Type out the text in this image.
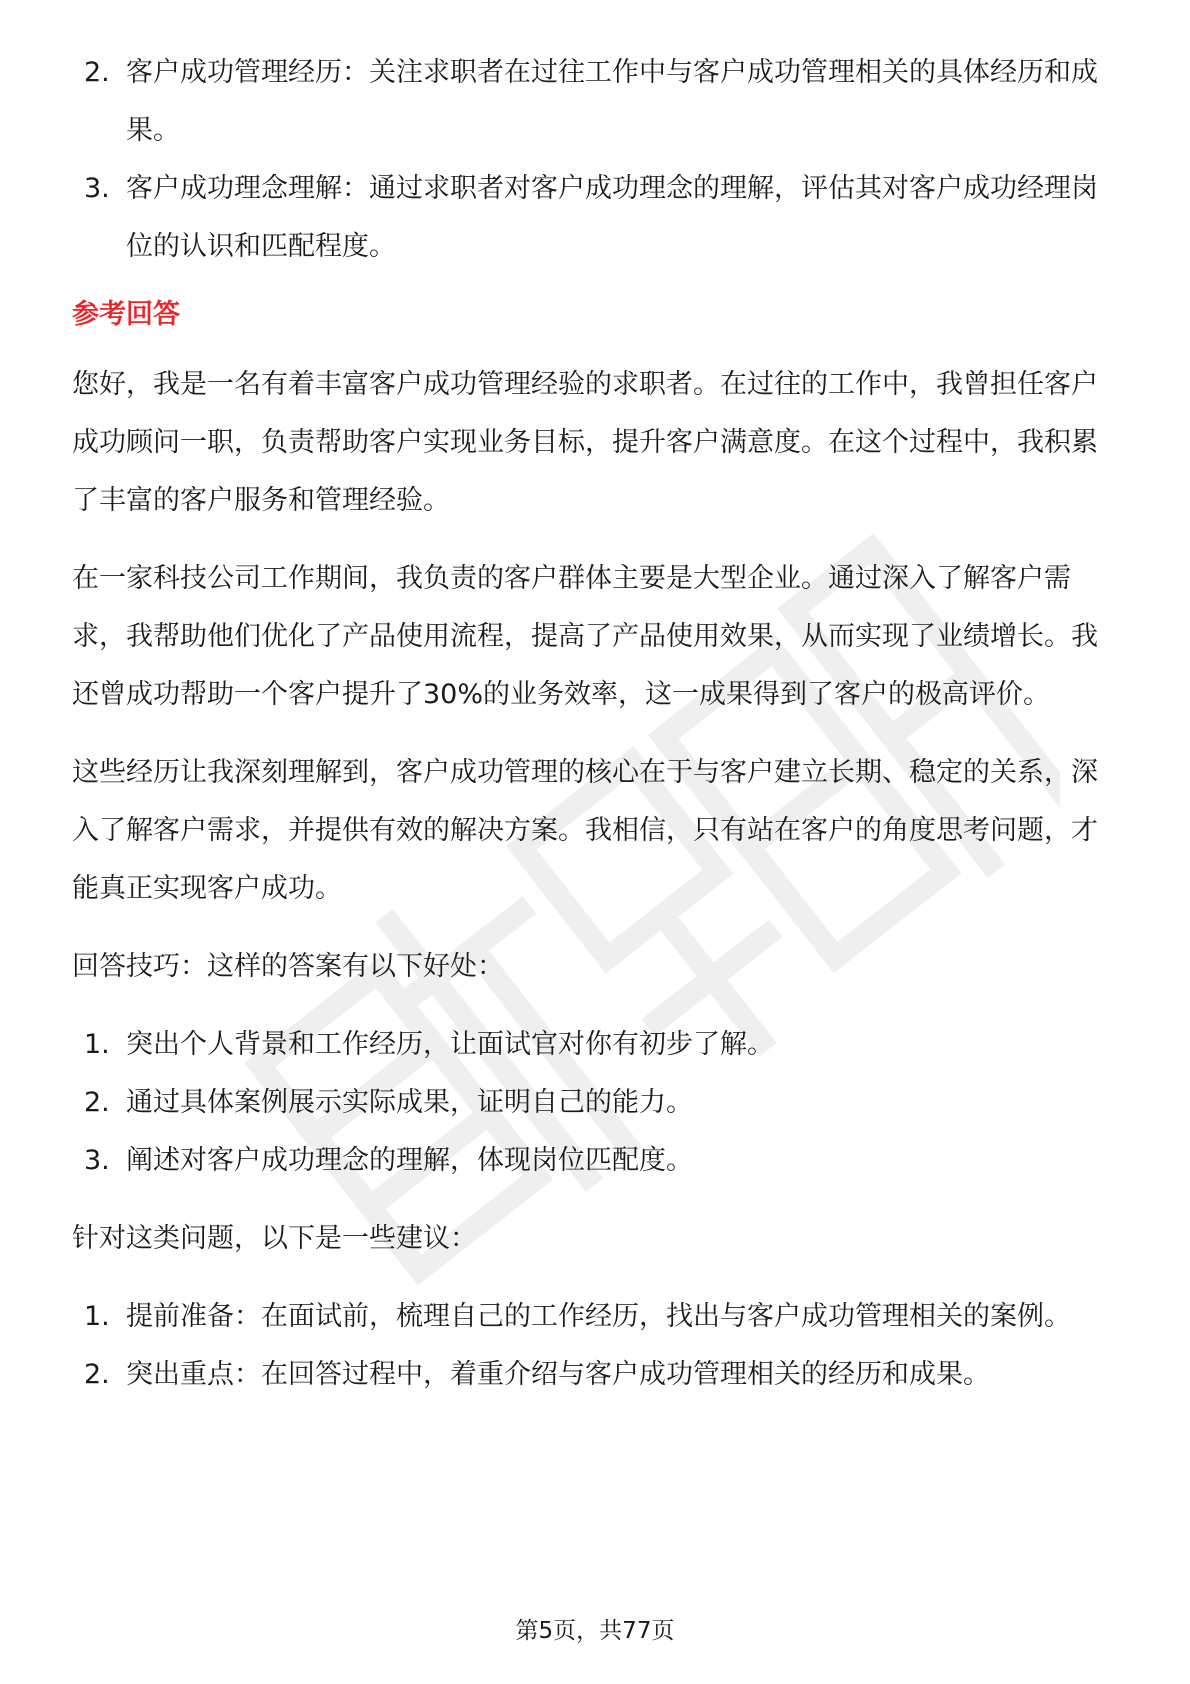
2. 客户成功管理经历：关注求职者在过往工作中与客户成功管理相关的具体经历和成果。
3. 客户成功理念理解：通过求职者对客户成功理念的理解，评估其对客户成功经理岗位的认识和匹配程度。
参考回答

您好，我是一名有着丰富客户成功管理经验的求职者。在过往的工作中，我曾担任客户成功顾问一职，负责帮助客户实现业务目标，提升客户满意度。在这个过程中，我积累了丰富的客户服务和管理经验。

在一家科技公司工作期间，我负责的客户群体主要是大型企业。通过深入了解客户需求，我帮助他们优化了产品使用流程，提高了产品使用效果，从而实现了业绩增长。我还曾成功帮助一个客户提升了30%的业务效率，这一成果得到了客户的极高评价。

这些经历让我深刻理解到，客户成功管理的核心在于与客户建立长期、稳定的关系，深入了解客户需求，并提供有效的解决方案。我相信，只有站在客户的角度思考问题，才能真正实现客户成功。

回答技巧：这样的答案有以下好处：

1. 突出个人背景和工作经历，让面试官对你有初步了解。
2. 通过具体案例展示实际成果，证明自己的能力。
3. 阐述对客户成功理念的理解，体现岗位匹配度。

针对这类问题，以下是一些建议：

1. 提前准备：在面试前，梳理自己的工作经历，找出与客户成功管理相关的案例。
2. 突出重点：在回答过程中，着重介绍与客户成功管理相关的经历和成果。
第5页，共77页
